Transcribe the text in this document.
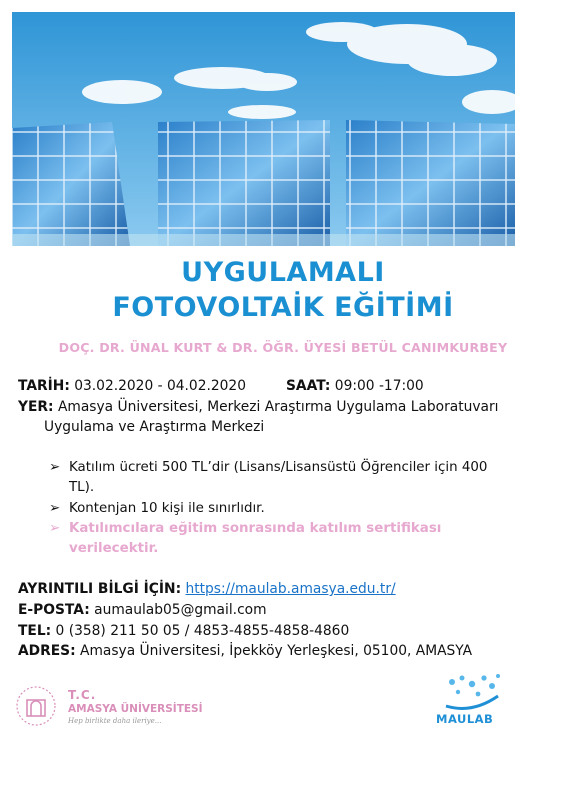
UYGULAMALI
FOTOVOLTAİK EĞİTİMİ
DOÇ. DR. ÜNAL KURT & DR. ÖĞR. ÜYESİ BETÜL CANIMKURBEY
TARİH: 03.02.2020 - 04.02.2020	SAAT: 09:00 -17:00
YER: Amasya Üniversitesi, Merkezi Araştırma Uygulama Laboratuvarı
Uygulama ve Araştırma Merkezi
➢ Katılım ücreti 500 TL’dir (Lisans/Lisansüstü Öğrenciler için 400
TL).
➢ Kontenjan 10 kişi ile sınırlıdır.
➢ Katılımcılara eğitim sonrasında katılım sertifikası
verilecektir.
AYRINTILI BİLGİ İÇİN: https://maulab.amasya.edu.tr/
E-POSTA: aumaulab05@gmail.com
TEL: 0 (358) 211 50 05 / 4853-4855-4858-4860
ADRES: Amasya Üniversitesi, İpekköy Yerleşkesi, 05100, AMASYA
T.C.
AMASYA ÜNİVERSİTESİ
Hep birlikte daha ileriye...	MAULAB
